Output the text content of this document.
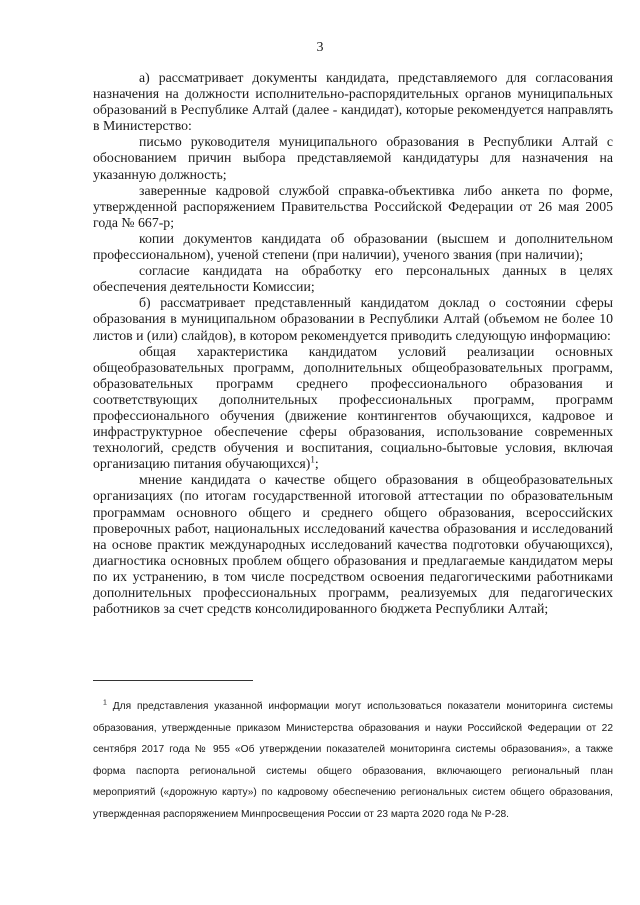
3

а) рассматривает документы кандидата, представляемого для согласования назначения на должности исполнительно-распорядительных органов муниципальных образований в Республике Алтай (далее - кандидат), которые рекомендуется направлять в Министерство:

письмо руководителя муниципального образования в Республики Алтай с обоснованием причин выбора представляемой кандидатуры для назначения на указанную должность;

заверенные кадровой службой справка-объективка либо анкета по форме, утвержденной распоряжением Правительства Российской Федерации от 26 мая 2005 года № 667-р;

копии документов кандидата об образовании (высшем и дополнительном профессиональном), ученой степени (при наличии), ученого звания (при наличии);

согласие кандидата на обработку его персональных данных в целях обеспечения деятельности Комиссии;

б) рассматривает представленный кандидатом доклад о состоянии сферы образования в муниципальном образовании в Республики Алтай (объемом не более 10 листов и (или) слайдов), в котором рекомендуется приводить следующую информацию:

общая характеристика кандидатом условий реализации основных общеобразовательных программ, дополнительных общеобразовательных программ, образовательных программ среднего профессионального образования и соответствующих дополнительных профессиональных программ, программ профессионального обучения (движение контингентов обучающихся, кадровое и инфраструктурное обеспечение сферы образования, использование современных технологий, средств обучения и воспитания, социально-бытовые условия, включая организацию питания обучающихся)$^1$;

мнение кандидата о качестве общего образования в общеобразовательных организациях (по итогам государственной итоговой аттестации по образовательным программам основного общего и среднего общего образования, всероссийских проверочных работ, национальных исследований качества образования и исследований на основе практик международных исследований качества подготовки обучающихся), диагностика основных проблем общего образования и предлагаемые кандидатом меры по их устранению, в том числе посредством освоения педагогическими работниками дополнительных профессиональных программ, реализуемых для педагогических работников за счет средств консолидированного бюджета Республики Алтай;

$^1$ Для представления указанной информации могут использоваться показатели мониторинга системы образования, утвержденные приказом Министерства образования и науки Российской Федерации от 22 сентября 2017 года № 955 «Об утверждении показателей мониторинга системы образования», а также форма паспорта региональной системы общего образования, включающего региональный план мероприятий («дорожную карту») по кадровому обеспечению региональных систем общего образования, утвержденная распоряжением Минпросвещения России от 23 марта 2020 года № Р-28.
